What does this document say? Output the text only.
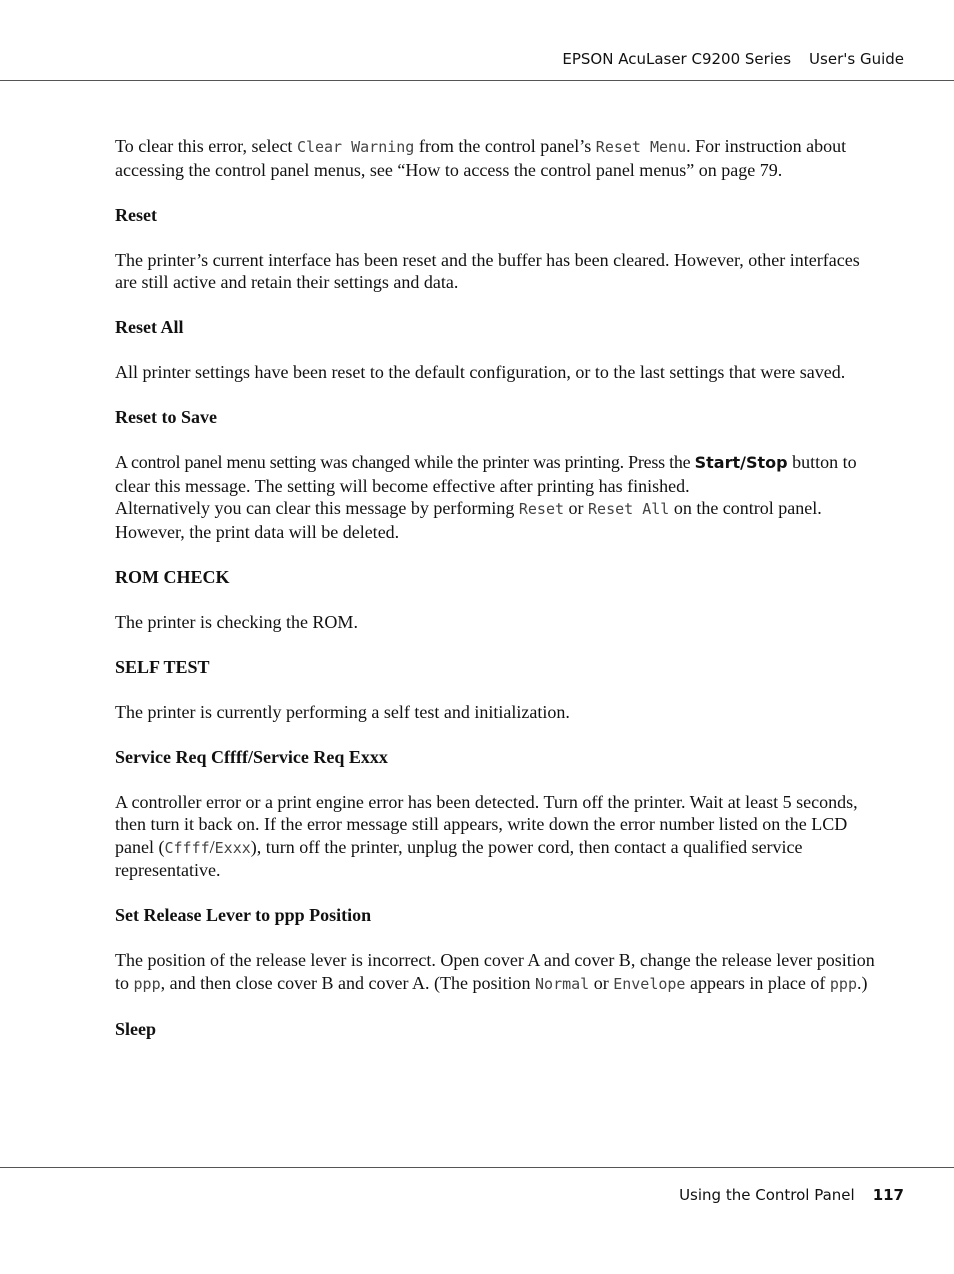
EPSON AcuLaser C9200 Series User's Guide

To clear this error, select Clear Warning from the control panel’s Reset Menu. For instruction about accessing the control panel menus, see “How to access the control panel menus” on page 79.

Reset

The printer’s current interface has been reset and the buffer has been cleared. However, other interfaces are still active and retain their settings and data.

Reset All

All printer settings have been reset to the default configuration, or to the last settings that were saved.

Reset to Save

A control panel menu setting was changed while the printer was printing. Press the Start/Stop button to clear this message. The setting will become effective after printing has finished.
Alternatively you can clear this message by performing Reset or Reset All on the control panel. However, the print data will be deleted.

ROM CHECK

The printer is checking the ROM.

SELF TEST

The printer is currently performing a self test and initialization.

Service Req Cffff/Service Req Exxx

A controller error or a print engine error has been detected. Turn off the printer. Wait at least 5 seconds, then turn it back on. If the error message still appears, write down the error number listed on the LCD panel (Cffff/Exxx), turn off the printer, unplug the power cord, then contact a qualified service representative.

Set Release Lever to ppp Position

The position of the release lever is incorrect. Open cover A and cover B, change the release lever position to ppp, and then close cover B and cover A. (The position Normal or Envelope appears in place of ppp.)

Sleep
Using the Control Panel 117
